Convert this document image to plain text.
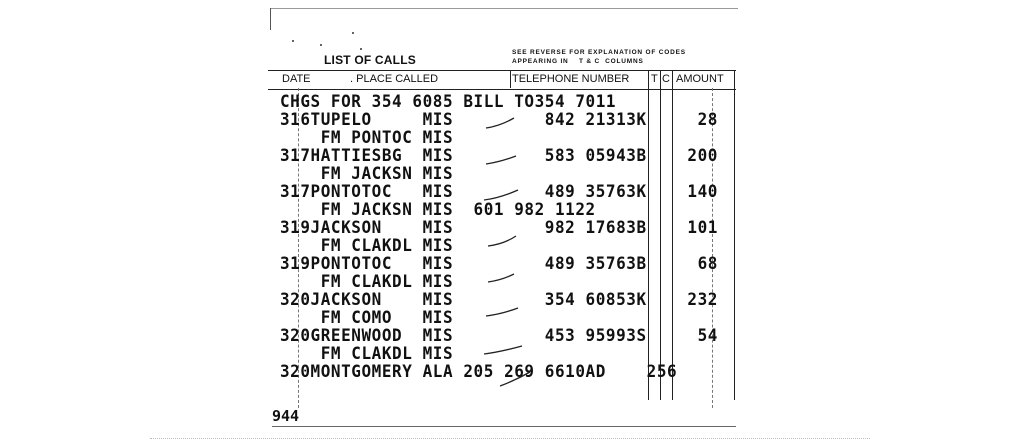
LIST OF CALLS
SEE REVERSE FOR EXPLANATION OF CODES
APPEARING IN    T & C  COLUMNS
DATE	. PLACE CALLED	TELEPHONE NUMBER T C AMOUNT
CHGS FOR 354 6085 BILL TO354 7011
316TUPELO     MIS         842 21313K     28
FM PONTOC MIS
317HATTIESBG  MIS         583 05943B    200
FM JACKSN MIS
317PONTOTOC   MIS         489 35763K    140
FM JACKSN MIS  601 982 1122
319JACKSON    MIS         982 17683B    101
FM CLAKDL MIS
319PONTOTOC   MIS         489 35763B     68
FM CLAKDL MIS
320JACKSON    MIS         354 60853K    232
FM COMO   MIS
320GREENWOOD  MIS         453 95993S     54
FM CLAKDL MIS
320MONTGOMERY ALA 205 269 6610AD    256
944
